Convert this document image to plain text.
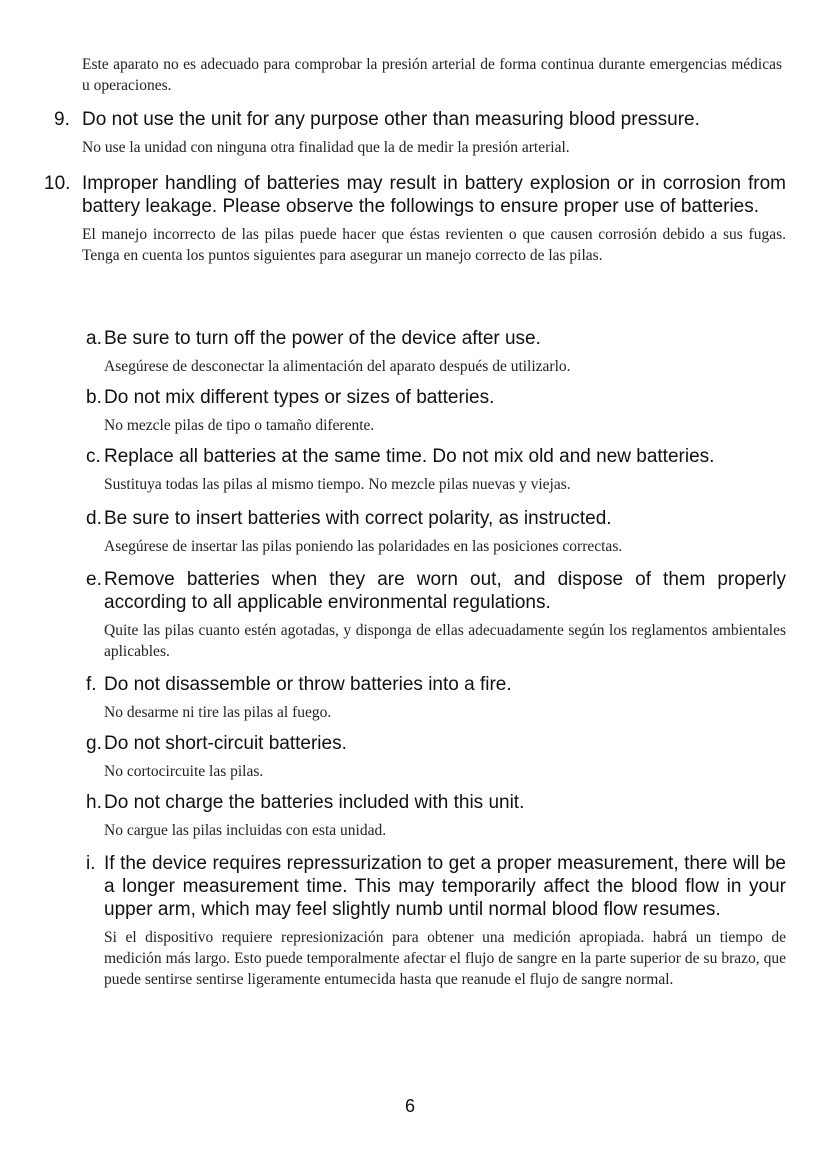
Este aparato no es adecuado para comprobar la presión arterial de forma continua durante emergencias médicas u operaciones.
9. Do not use the unit for any purpose other than measuring blood pressure.
No use la unidad con ninguna otra finalidad que la de medir la presión arterial.
10. Improper handling of batteries may result in battery explosion or in corrosion from battery leakage. Please observe the followings to ensure proper use of batteries.
El manejo incorrecto de las pilas puede hacer que éstas revienten o que causen corrosión debido a sus fugas. Tenga en cuenta los puntos siguientes para asegurar un manejo correcto de las pilas.
a. Be sure to turn off the power of the device after use.
Asegúrese de desconectar la alimentación del aparato después de utilizarlo.
b. Do not mix different types or sizes of batteries.
No mezcle pilas de tipo o tamaño diferente.
c. Replace all batteries at the same time. Do not mix old and new batteries.
Sustituya todas las pilas al mismo tiempo. No mezcle pilas nuevas y viejas.
d. Be sure to insert batteries with correct polarity, as instructed.
Asegúrese de insertar las pilas poniendo las polaridades en las posiciones correctas.
e. Remove batteries when they are worn out, and dispose of them properly according to all applicable environmental regulations.
Quite las pilas cuanto estén agotadas, y disponga de ellas adecuadamente según los reglamentos ambientales aplicables.
f. Do not disassemble or throw batteries into a fire.
No desarme ni tire las pilas al fuego.
g. Do not short-circuit batteries.
No cortocircuite las pilas.
h. Do not charge the batteries included with this unit.
No cargue las pilas incluidas con esta unidad.
i. If the device requires repressurization to get a proper measurement, there will be a longer measurement time. This may temporarily affect the blood flow in your upper arm, which may feel slightly numb until normal blood flow resumes.
Si el dispositivo requiere represionización para obtener una medición apropiada. habrá un tiempo de medición más largo. Esto puede temporalmente afectar el flujo de sangre en la parte superior de su brazo, que puede sentirse sentirse ligeramente entumecida hasta que reanude el flujo de sangre normal.
6
